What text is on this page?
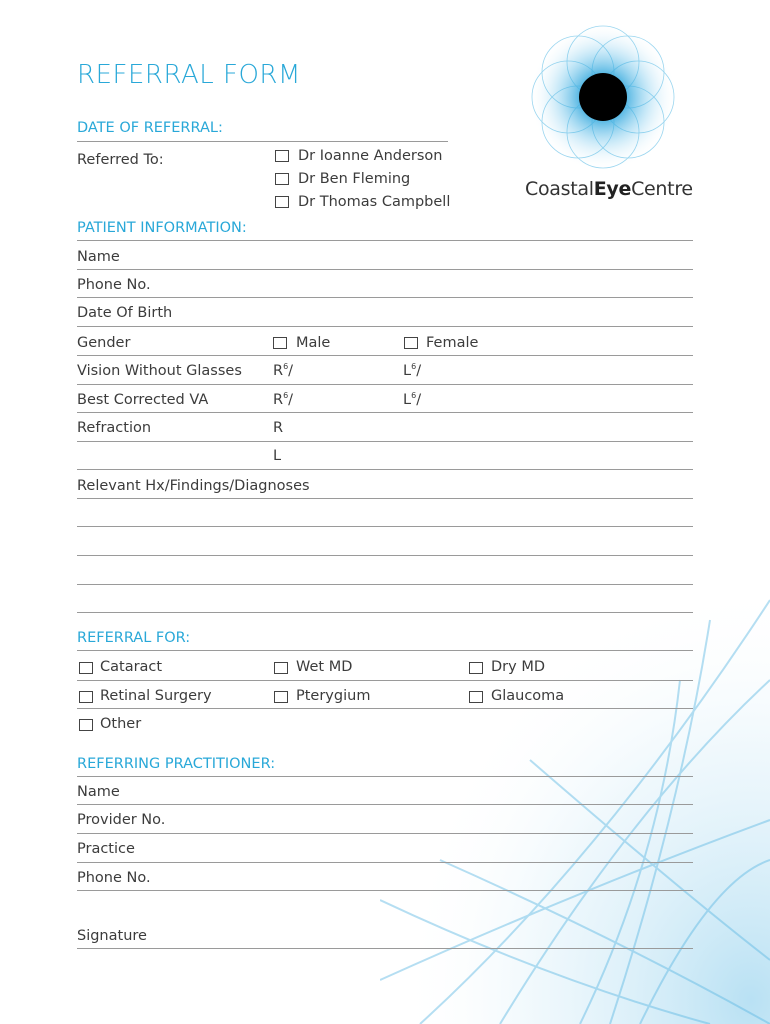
CoastalEyeCentre
REFERRAL FORM
DATE OF REFERRAL:
Referred To:	Dr Ioanne Anderson
Dr Ben Fleming
Dr Thomas Campbell
PATIENT INFORMATION:
Name
Phone No.
Date Of Birth
Gender	Male	Female
Vision Without Glasses $R^6/$	$L^6/$
Best Corrected VA	$R^6/$	$L^6/$
Refraction	R
L
Relevant Hx/Findings/Diagnoses
REFERRAL FOR:
Cataract	Wet MD	Dry MD
Retinal Surgery	Pterygium	Glaucoma
Other
REFERRING PRACTITIONER:
Name
Provider No.
Practice
Phone No.
Signature
